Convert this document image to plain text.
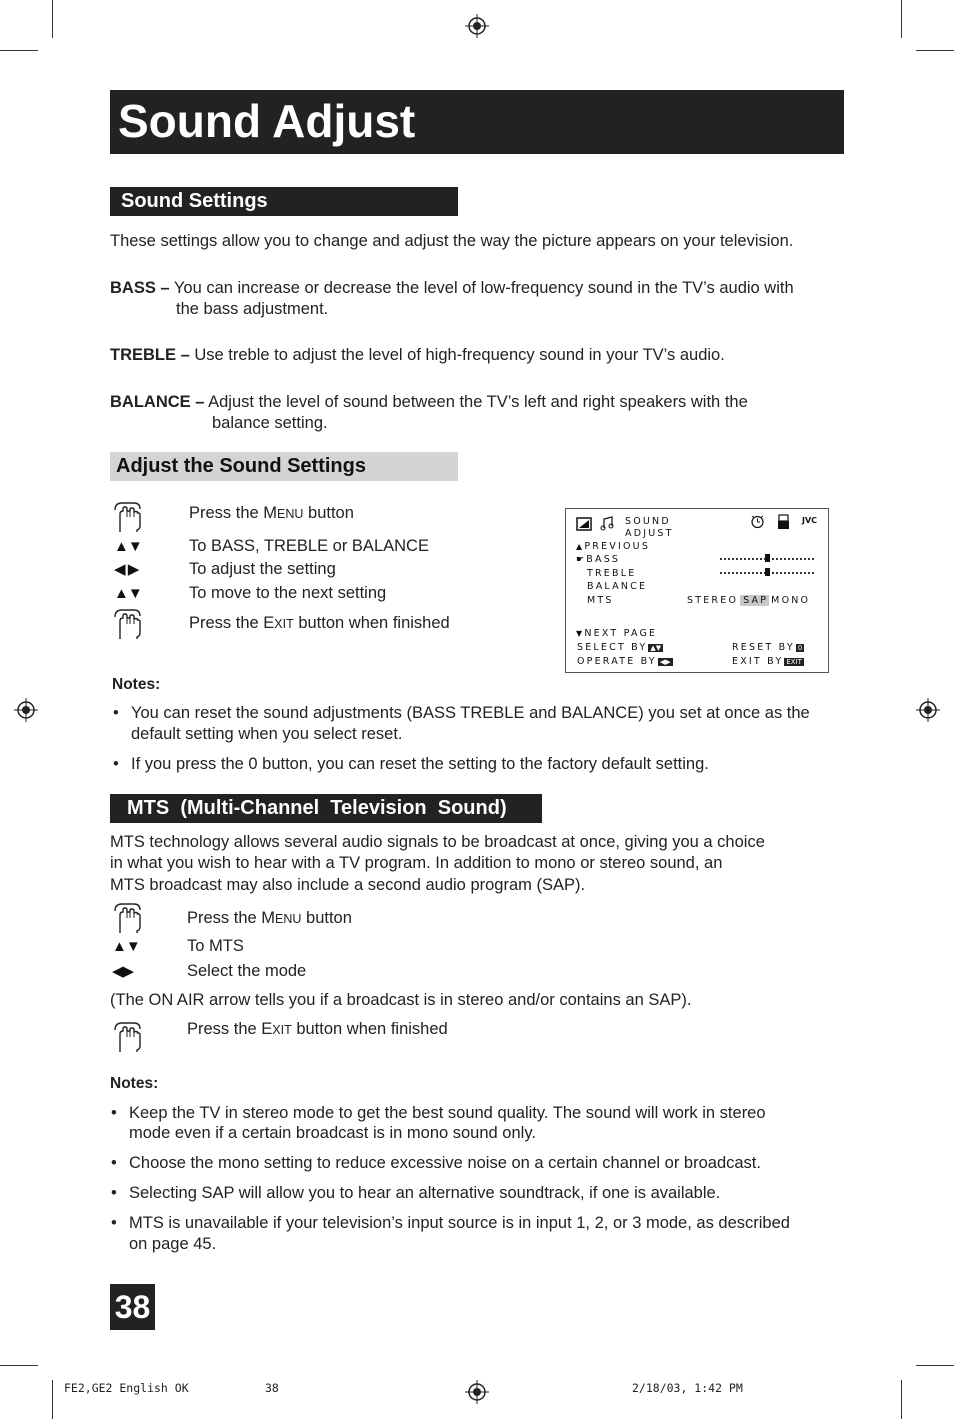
Sound Adjust
Sound Settings
These settings allow you to change and adjust the way the picture appears on your television.
BASS – You can increase or decrease the level of low-frequency sound in the TV’s audio with
the bass adjustment.
TREBLE – Use treble to adjust the level of high-frequency sound in your TV’s audio.
BALANCE – Adjust the level of sound between the TV’s left and right speakers with the
balance setting.
Adjust the Sound Settings
Press the MENU button
▲▼	To BASS, TREBLE or BALANCE
◀ ▶	To adjust the setting
▲▼	To move to the next setting
Press the EXIT button when finished
SOUND
ADJUST
JVC
▲PREVIOUS
☛BASS
TREBLE
BALANCE
MTS	STEREO SAP MONO
▼NEXT PAGE
SELECT BY ▲▼
OPERATE BY ◀▶
RESET BY 0
EXIT BY EXIT
Notes:
• You can reset the sound adjustments (BASS TREBLE and BALANCE) you set at once as the
default setting when you select reset.
• If you press the 0 button, you can reset the setting to the factory default setting.
MTS  (Multi-Channel  Television  Sound)
MTS technology allows several audio signals to be broadcast at once, giving you a choice
in what you wish to hear with a TV program. In addition to mono or stereo sound, an
MTS broadcast may also include a second audio program (SAP).
Press the MENU button
▲▼	To MTS
◀▶	Select the mode
(The ON AIR arrow tells you if a broadcast is in stereo and/or contains an SAP).
Press the EXIT button when finished
Notes:
• Keep the TV in stereo mode to get the best sound quality. The sound will work in stereo
mode even if a certain broadcast is in mono sound only.
• Choose the mono setting to reduce excessive noise on a certain channel or broadcast.
• Selecting SAP will allow you to hear an alternative soundtrack, if one is available.
• MTS is unavailable if your television’s input source is in input 1, 2, or 3 mode, as described
on page 45.
38
FE2,GE2 English OK	38	2/18/03, 1:42 PM
